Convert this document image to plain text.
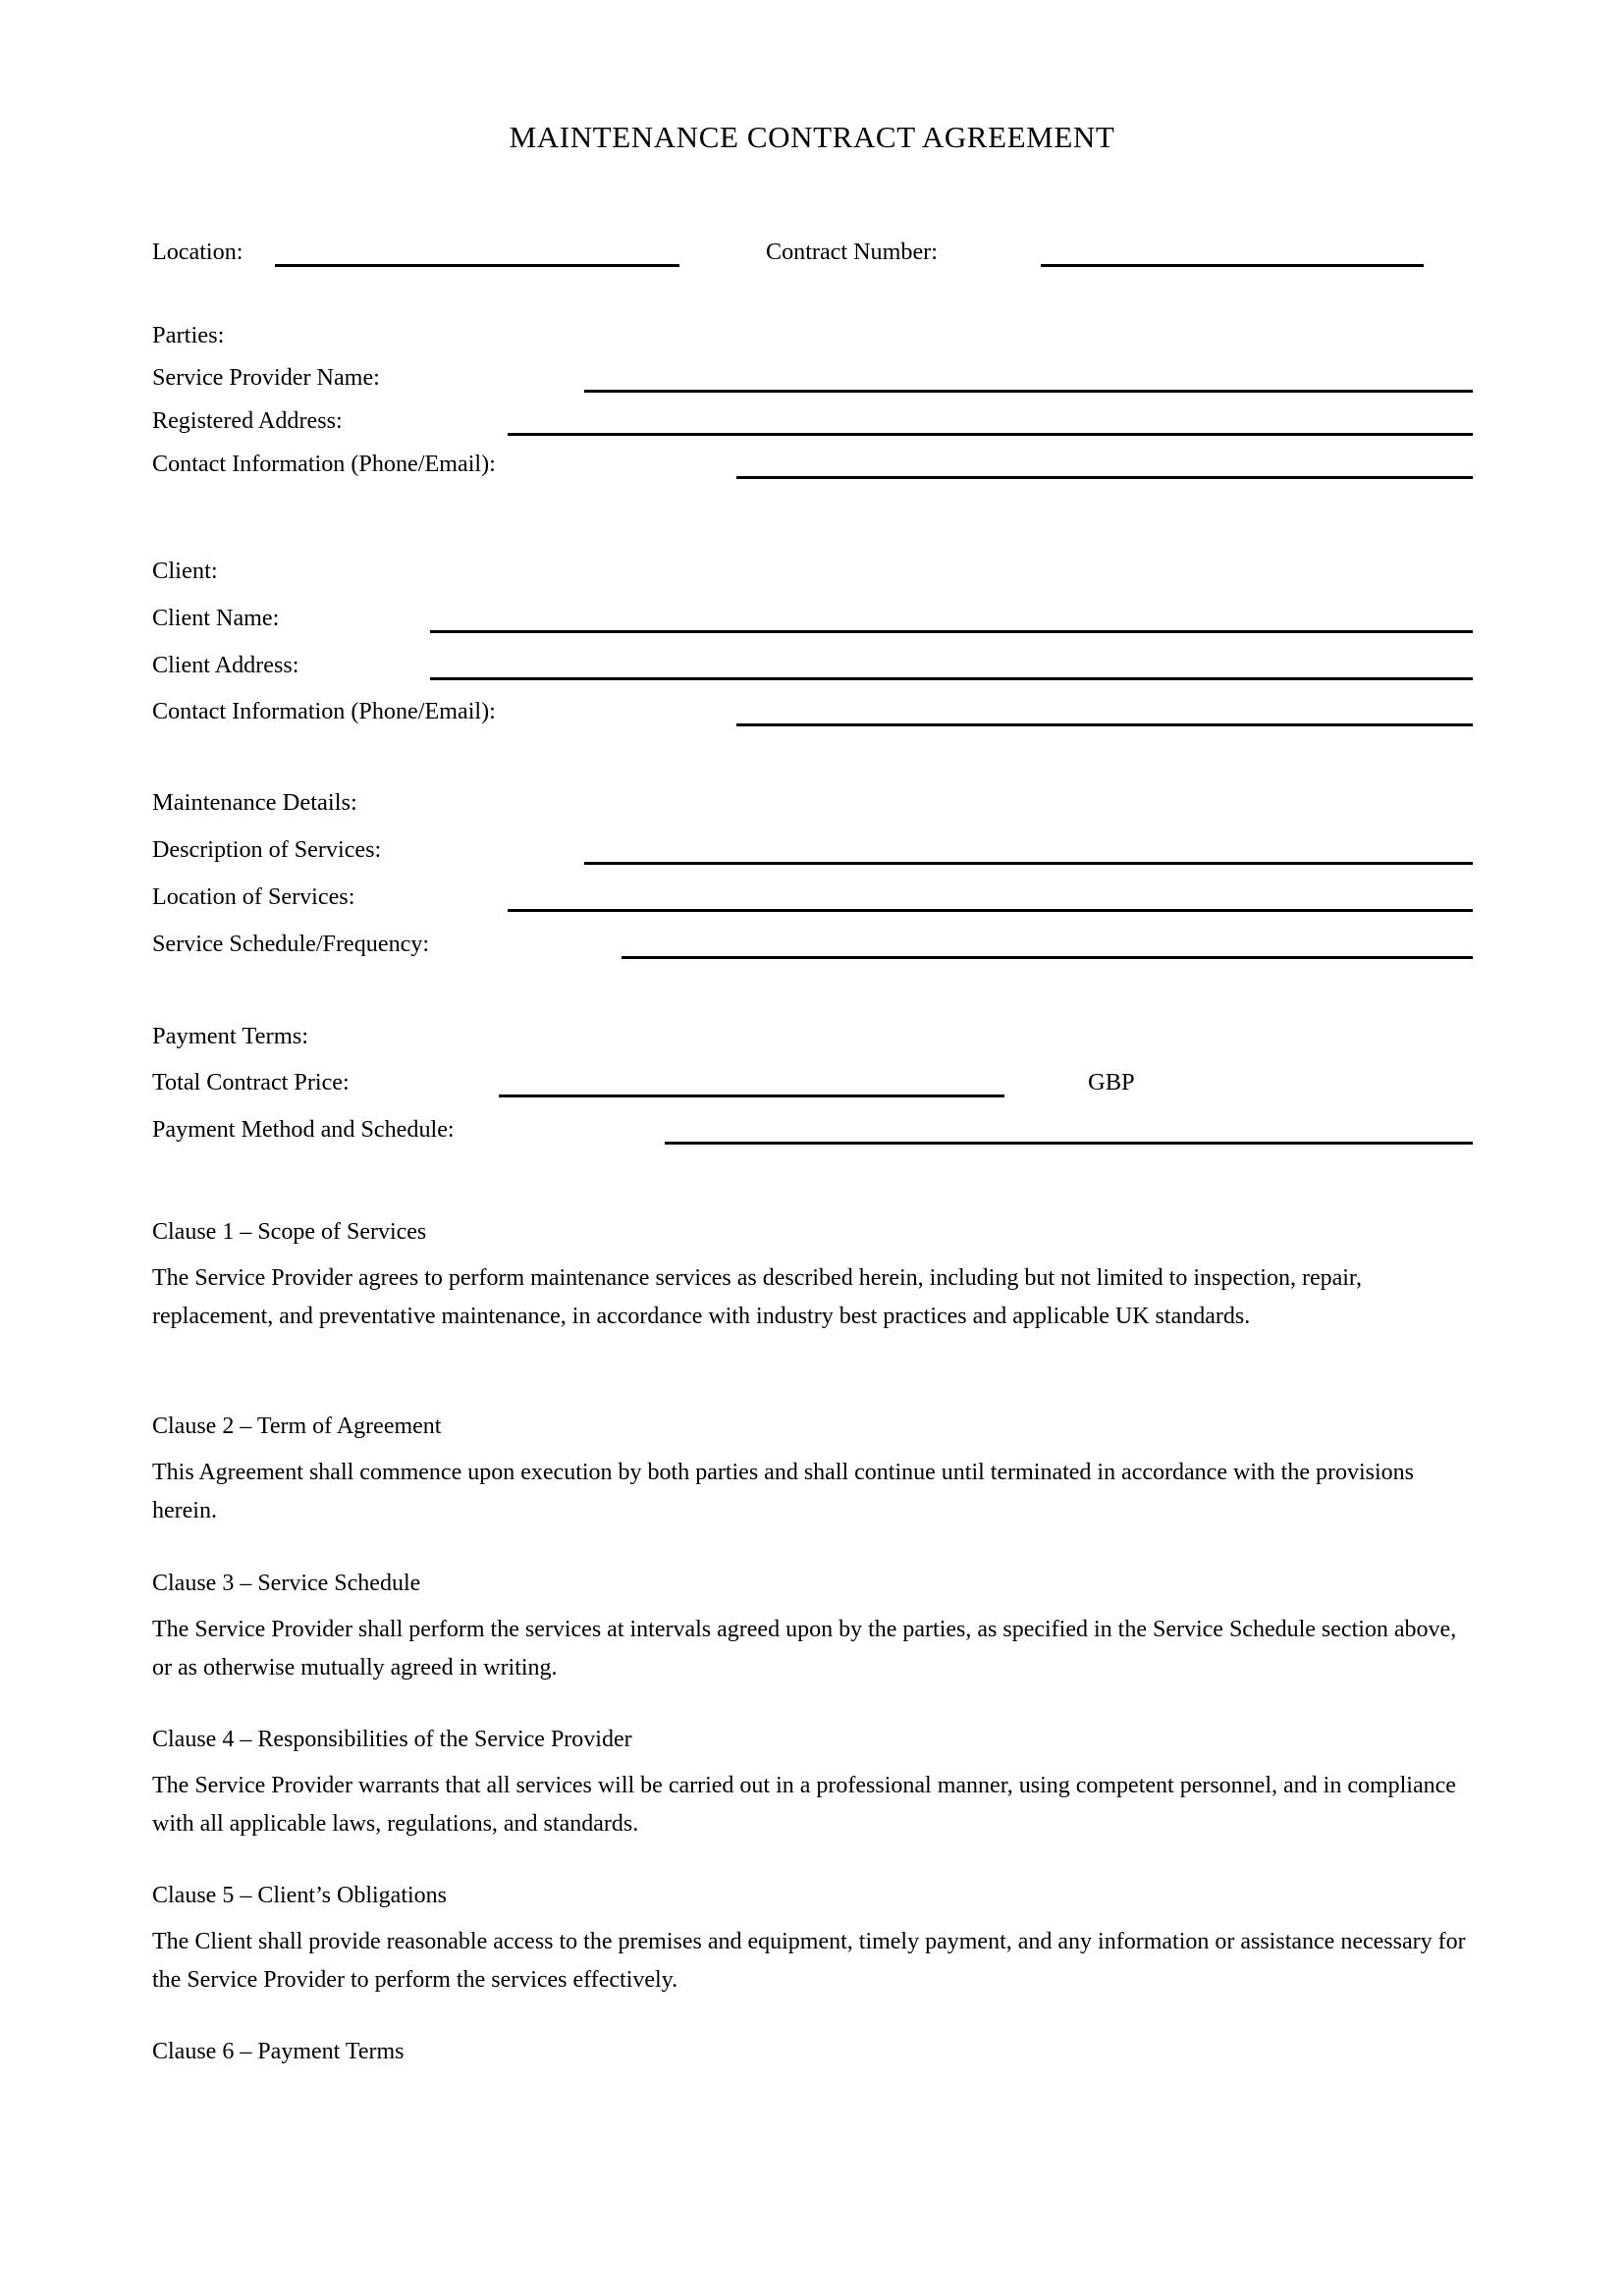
MAINTENANCE CONTRACT AGREEMENT
Location:	Contract Number:
Parties:
Service Provider Name:
Registered Address:
Contact Information (Phone/Email):
Client:
Client Name:
Client Address:
Contact Information (Phone/Email):
Maintenance Details:
Description of Services:
Location of Services:
Service Schedule/Frequency:
Payment Terms:
Total Contract Price:	GBP
Payment Method and Schedule:
Clause 1 – Scope of Services
The Service Provider agrees to perform maintenance services as described herein, including but not limited to inspection, repair, replacement, and preventative maintenance, in accordance with industry best practices and applicable UK standards.
Clause 2 – Term of Agreement
This Agreement shall commence upon execution by both parties and shall continue until terminated in accordance with the provisions herein.
Clause 3 – Service Schedule
The Service Provider shall perform the services at intervals agreed upon by the parties, as specified in the Service Schedule section above, or as otherwise mutually agreed in writing.
Clause 4 – Responsibilities of the Service Provider
The Service Provider warrants that all services will be carried out in a professional manner, using competent personnel, and in compliance with all applicable laws, regulations, and standards.
Clause 5 – Client’s Obligations
The Client shall provide reasonable access to the premises and equipment, timely payment, and any information or assistance necessary for the Service Provider to perform the services effectively.
Clause 6 – Payment Terms
